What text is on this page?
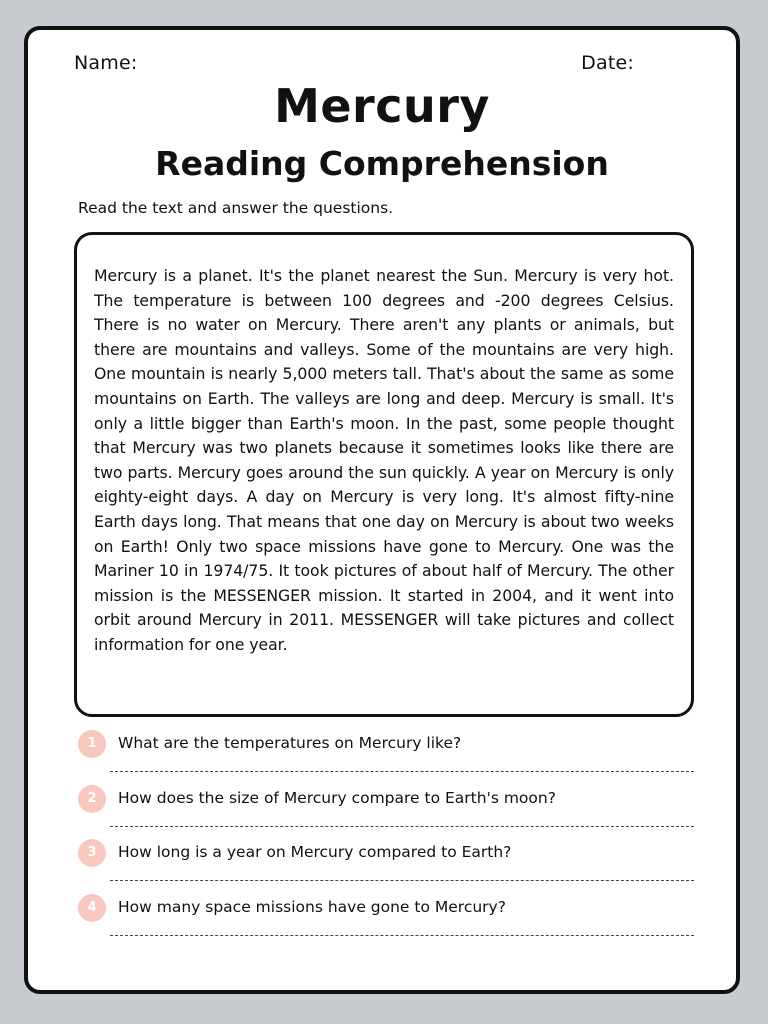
Name:	Date:
Mercury
Reading Comprehension
Read the text and answer the questions.

Mercury is a planet. It's the planet nearest the Sun. Mercury is very hot. The temperature is between 100 degrees and -200 degrees Celsius. There is no water on Mercury. There aren't any plants or animals, but there are mountains and valleys. Some of the mountains are very high. One mountain is nearly 5,000 meters tall. That's about the same as some mountains on Earth. The valleys are long and deep. Mercury is small. It's only a little bigger than Earth's moon. In the past, some people thought that Mercury was two planets because it sometimes looks like there are two parts. Mercury goes around the sun quickly. A year on Mercury is only eighty-eight days. A day on Mercury is very long. It's almost fifty-nine Earth days long. That means that one day on Mercury is about two weeks on Earth! Only two space missions have gone to Mercury. One was the Mariner 10 in 1974/75. It took pictures of about half of Mercury. The other mission is the MESSENGER mission. It started in 2004, and it went into orbit around Mercury in 2011. MESSENGER will take pictures and collect information for one year.

1	What are the temperatures on Mercury like?
2	How does the size of Mercury compare to Earth's moon?
3	How long is a year on Mercury compared to Earth?
4	How many space missions have gone to Mercury?
